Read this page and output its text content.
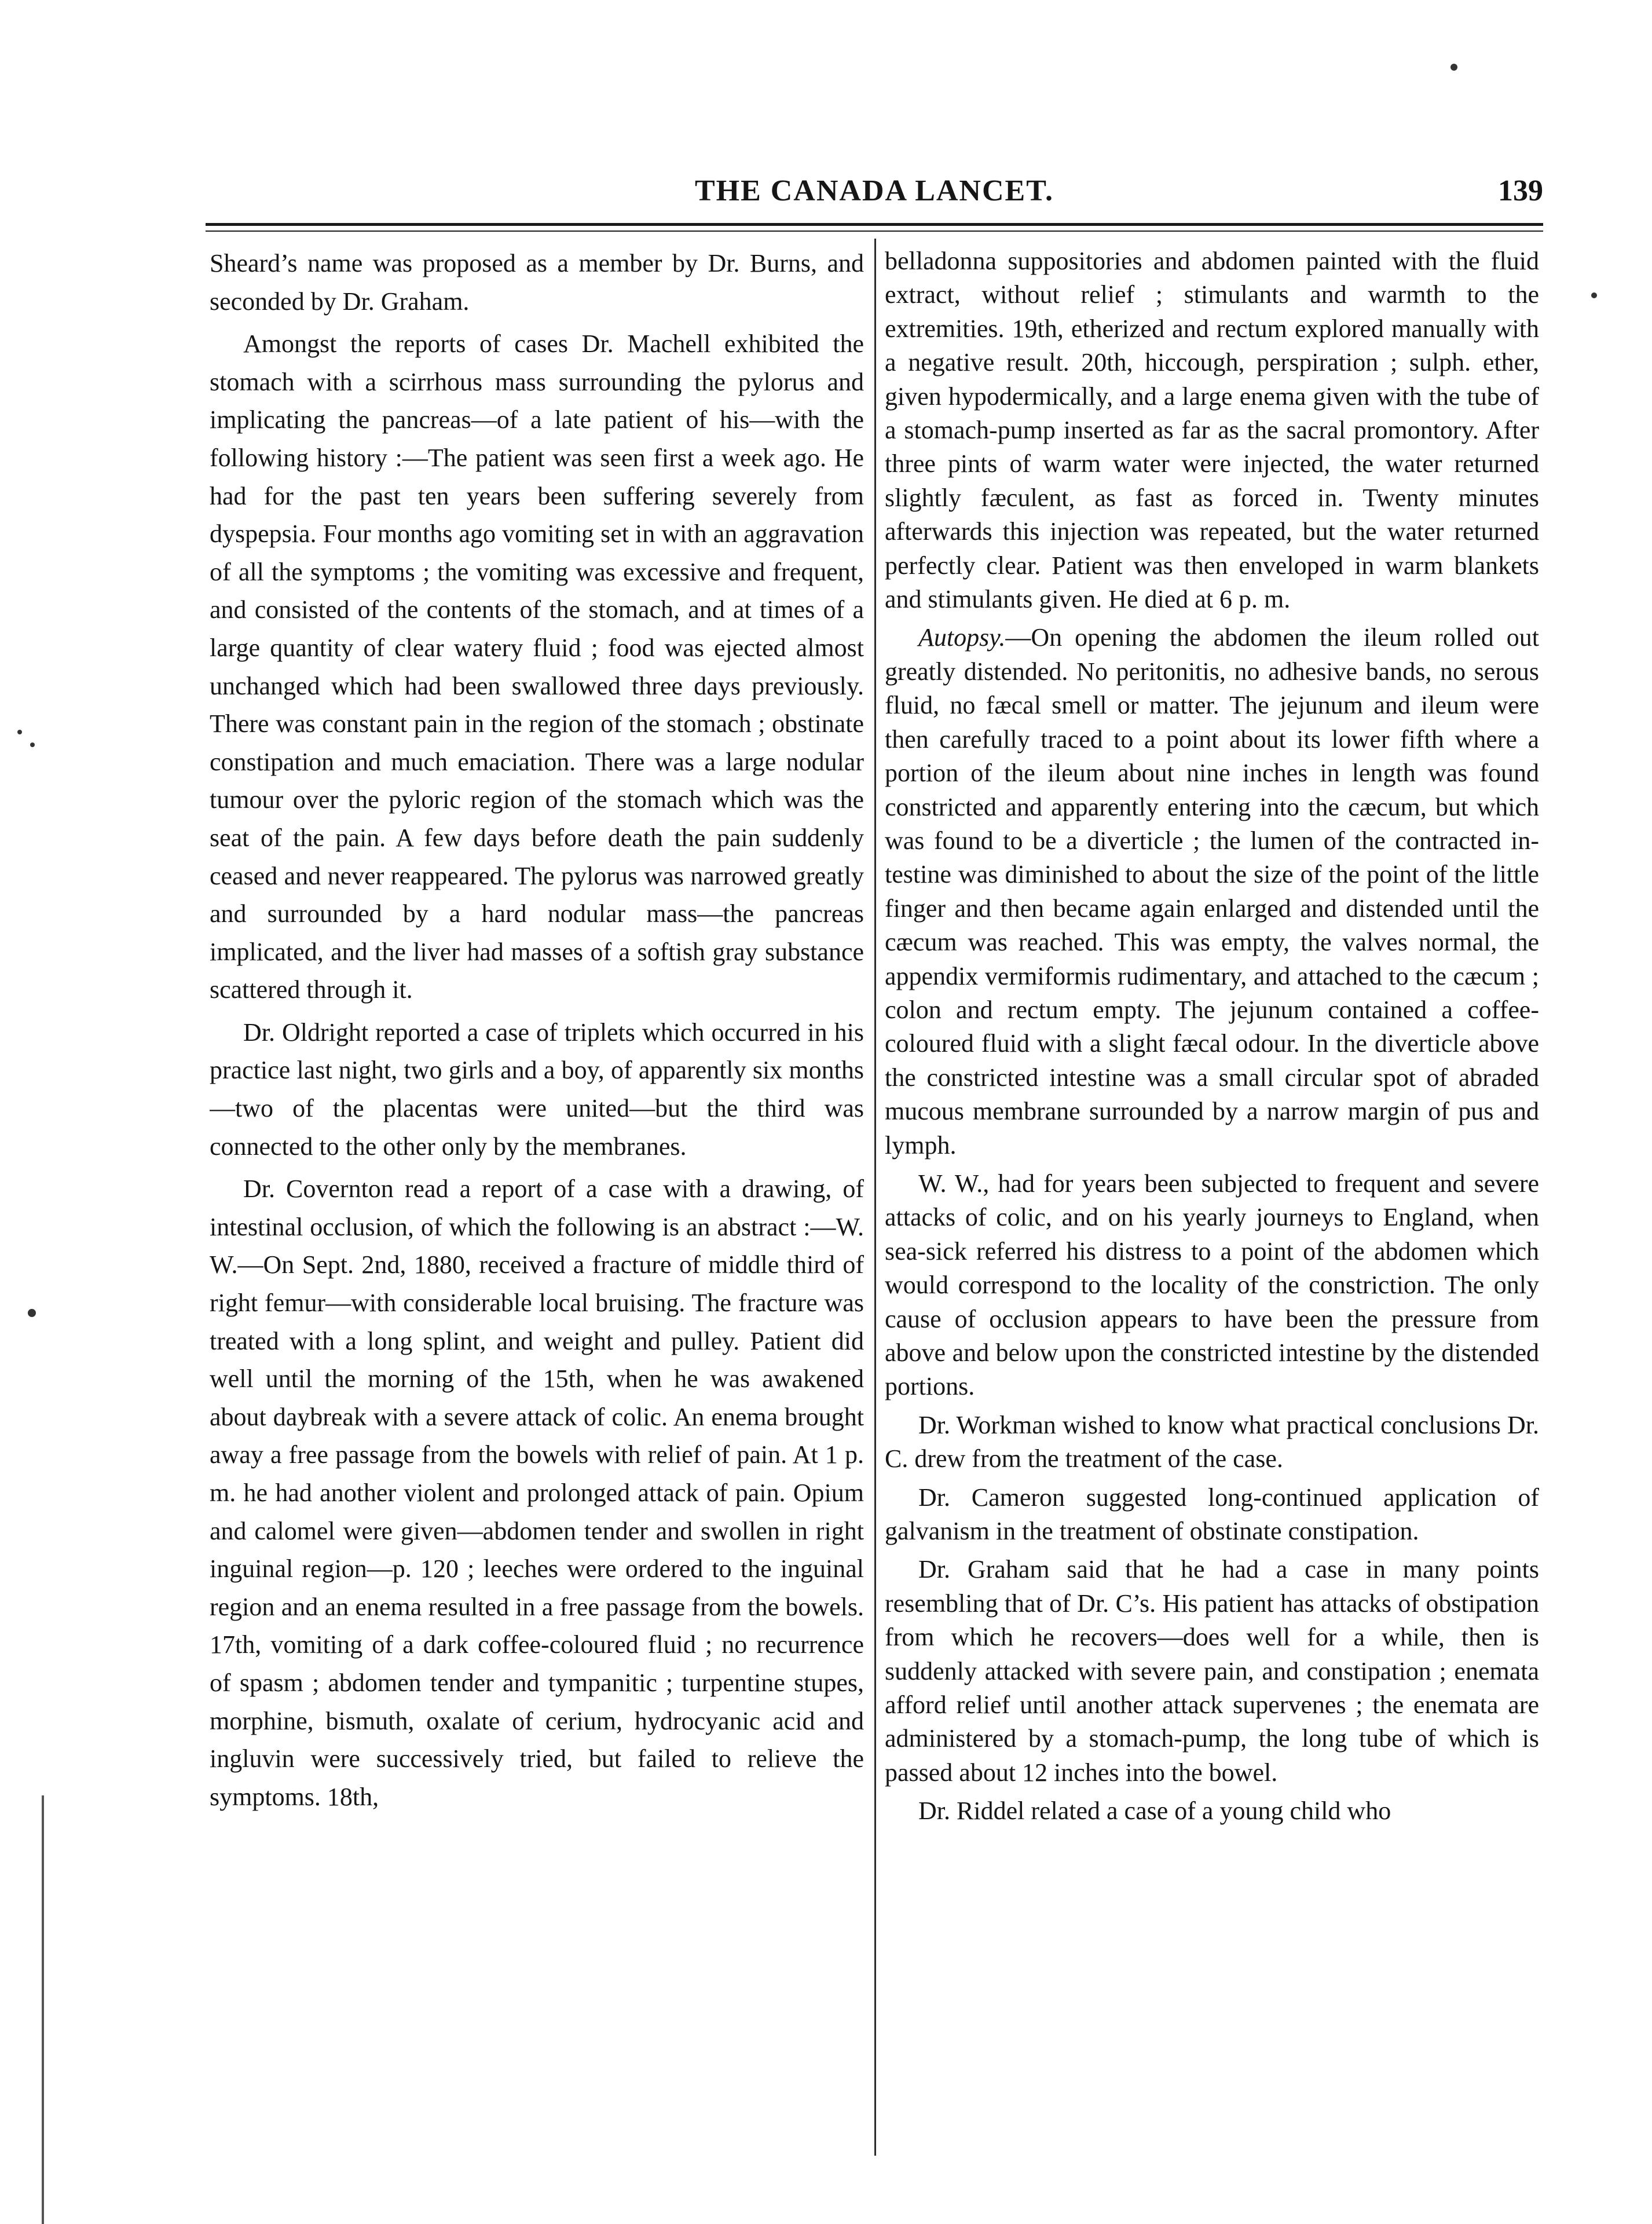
THE CANADA LANCET.	139

Sheard’s name was proposed as a member by Dr. Burns, and seconded by Dr. Graham.

Amongst the reports of cases Dr. Machell exhibited the stomach with a scirrhous mass surrounding the pylorus and implicating the pancreas—of a late patient of his—with the following history :—The patient was seen first a week ago. He had for the past ten years been suffering severely from dyspepsia. Four months ago vomiting set in with an aggravation of all the symptoms ; the vomiting was excessive and frequent, and consisted of the contents of the stomach, and at times of a large quantity of clear watery fluid ; food was ejected almost unchanged which had been swallowed three days previously. There was constant pain in the region of the stomach ; obstinate constipation and much emaciation. There was a large nodular tumour over the pyloric region of the stomach which was the seat of the pain. A few days before death the pain suddenly ceased and never reappeared. The pylorus was narrowed greatly and surrounded by a hard nodular mass—the pancreas implicated, and the liver had masses of a softish gray substance scattered through it.

Dr. Oldright reported a case of triplets which occurred in his practice last night, two girls and a boy, of apparently six months—two of the placentas were united—but the third was connected to the other only by the membranes.

Dr. Covernton read a report of a case with a drawing, of intestinal occlusion, of which the following is an abstract :—W. W.—On Sept. 2nd, 1880, received a fracture of middle third of right femur—with considerable local bruising. The fracture was treated with a long splint, and weight and pulley. Patient did well until the morning of the 15th, when he was awakened about daybreak with a severe attack of colic. An enema brought away a free passage from the bowels with relief of pain. At 1 p. m. he had another violent and prolonged attack of pain. Opium and calomel were given—abdomen tender and swollen in right inguinal region—p. 120 ; leeches were ordered to the inguinal region and an enema resulted in a free passage from the bowels. 17th, vomiting of a dark coffee-coloured fluid ; no recurrence of spasm ; abdomen tender and tympanitic ; turpentine stupes, morphine, bismuth, oxalate of cerium, hydrocyanic acid and ingluvin were successively tried, but failed to relieve the symptoms. 18th,

belladonna suppositories and abdomen painted with the fluid extract, without relief ; stimulants and warmth to the extremities. 19th, etherized and rectum explored manually with a negative result. 20th, hiccough, perspiration ; sulph. ether, given hypodermically, and a large enema given with the tube of a stomach-pump inserted as far as the sacral promontory. After three pints of warm water were injected, the water returned slightly fæculent, as fast as forced in. Twenty minutes afterwards this injection was repeated, but the water returned perfectly clear. Patient was then enveloped in warm blankets and stimulants given. He died at 6 p. m.

Autopsy.—On opening the abdomen the ileum rolled out greatly distended. No peritonitis, no adhesive bands, no serous fluid, no fæcal smell or matter. The jejunum and ileum were then carefully traced to a point about its lower fifth where a portion of the ileum about nine inches in length was found constricted and apparently entering into the cæcum, but which was found to be a diverticle ; the lumen of the contracted intestine was diminished to about the size of the point of the little finger and then became again enlarged and distended until the cæcum was reached. This was empty, the valves normal, the appendix vermiformis rudimentary, and attached to the cæcum ; colon and rectum empty. The jejunum contained a coffee-coloured fluid with a slight fæcal odour. In the diverticle above the constricted intestine was a small circular spot of abraded mucous membrane surrounded by a narrow margin of pus and lymph.

W. W., had for years been subjected to frequent and severe attacks of colic, and on his yearly journeys to England, when sea-sick referred his distress to a point of the abdomen which would correspond to the locality of the constriction. The only cause of occlusion appears to have been the pressure from above and below upon the constricted intestine by the distended portions.

Dr. Workman wished to know what practical conclusions Dr. C. drew from the treatment of the case.

Dr. Cameron suggested long-continued application of galvanism in the treatment of obstinate constipation.

Dr. Graham said that he had a case in many points resembling that of Dr. C’s. His patient has attacks of obstipation from which he recovers—does well for a while, then is suddenly attacked with severe pain, and constipation ; enemata afford relief until another attack supervenes ; the enemata are administered by a stomach-pump, the long tube of which is passed about 12 inches into the bowel.

Dr. Riddel related a case of a young child who
